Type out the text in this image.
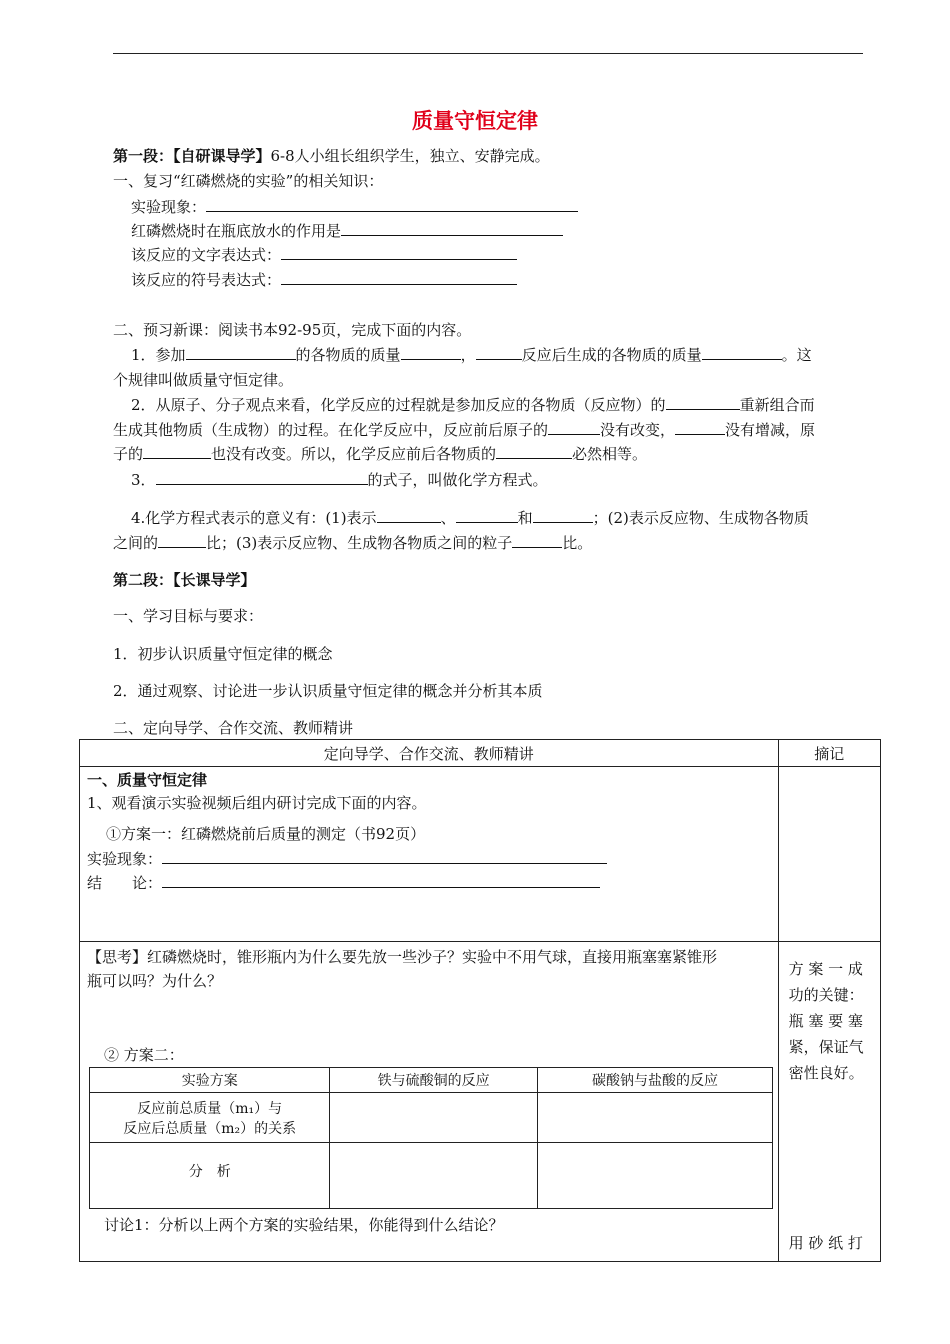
质量守恒定律
第一段：【自研课导学】6-8人小组长组织学生，独立、安静完成。
一、复习“红磷燃烧的实验”的相关知识：
实验现象：
红磷燃烧时在瓶底放水的作用是
该反应的文字表达式：
该反应的符号表达式：
二、预习新课：阅读书本92-95页，完成下面的内容。
1．参加	的各物质的质量	，	反应后生成的各物质的质量	。这
个规律叫做质量守恒定律。
2．从原子、分子观点来看，化学反应的过程就是参加反应的各物质（反应物）的	重新组合而
生成其他物质（生成物）的过程。在化学反应中，反应前后原子的	没有改变，	没有增减，原
子的	也没有改变。所以，化学反应前后各物质的	必然相等。
3．	的式子，叫做化学方程式。
4.化学方程式表示的意义有：(1)表示	、	和	；(2)表示反应物、生成物各物质
之间的	比；(3)表示反应物、生成物各物质之间的粒子	比。
第二段：【长课导学】
一、学习目标与要求：
1．初步认识质量守恒定律的概念
2．通过观察、讨论进一步认识质量守恒定律的概念并分析其本质
二、定向导学、合作交流、教师精讲
定向导学、合作交流、教师精讲	摘记

一、质量守恒定律
1、观看演示实验视频后组内研讨完成下面的内容。
①方案一：红磷燃烧前后质量的测定（书92页）
实验现象：
结　　论：

【思考】红磷燃烧时，锥形瓶内为什么要先放一些沙子？实验中不用气球，直接用瓶塞塞紧锥形
瓶可以吗？为什么？
② 方案二：
实验方案	铁与硫酸铜的反应	碳酸钠与盐酸的反应

反应前总质量（m₁）与
反应后总质量（m₂）的关系

分　析		
讨论1：分析以上两个方案的实验结果，你能得到什么结论？

方 案 一 成
功的关键：
瓶 塞 要 塞
紧，保证气
密性良好。
用 砂 纸 打
